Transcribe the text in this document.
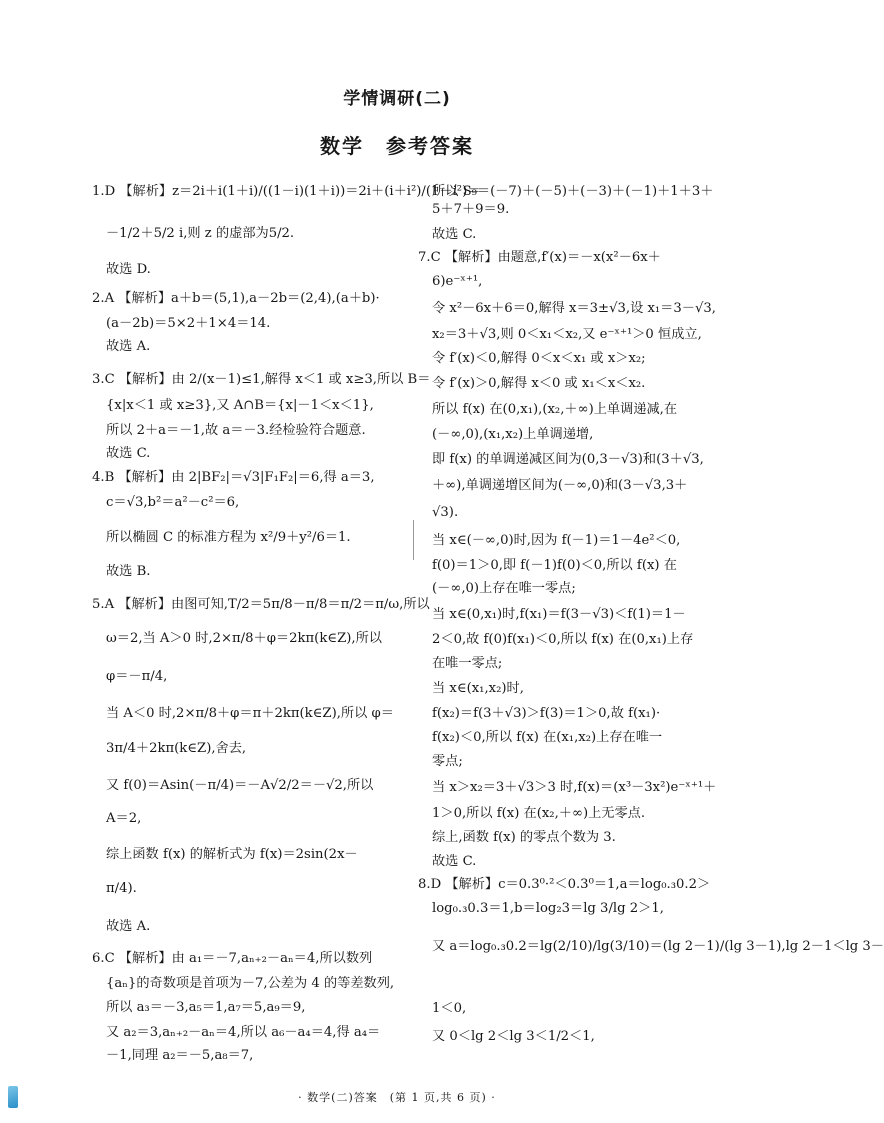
学情调研(二)
数学　参考答案
1.D 【解析】z＝2i＋i(1＋i)/((1－i)(1＋i))＝2i＋(i＋i²)/(1－i²)＝
－1/2＋5/2 i,则 z 的虚部为5/2.
故选 D.
2.A 【解析】a＋b＝(5,1),a－2b＝(2,4),(a＋b)·
(a－2b)＝5×2＋1×4＝14.
故选 A.
3.C 【解析】由 2/(x－1)≤1,解得 x＜1 或 x≥3,所以 B＝
{x|x＜1 或 x≥3},又 A∩B＝{x|－1＜x＜1},
所以 2＋a＝－1,故 a＝－3.经检验符合题意.
故选 C.
4.B 【解析】由 2|BF₂|＝√3|F₁F₂|＝6,得 a＝3,
c＝√3,b²＝a²－c²＝6,
所以椭圆 C 的标准方程为 x²/9＋y²/6＝1.
故选 B.
5.A 【解析】由图可知,T/2＝5π/8－π/8＝π/2＝π/ω,所以
ω＝2,当 A＞0 时,2×π/8＋φ＝2kπ(k∈Z),所以
φ＝－π/4,
当 A＜0 时,2×π/8＋φ＝π＋2kπ(k∈Z),所以 φ＝
3π/4＋2kπ(k∈Z),舍去,
又 f(0)＝Asin(－π/4)＝－A√2/2＝－√2,所以
A＝2,
综上函数 f(x) 的解析式为 f(x)＝2sin(2x－
π/4).
故选 A.
6.C 【解析】由 a₁＝－7,aₙ₊₂－aₙ＝4,所以数列
{aₙ}的奇数项是首项为－7,公差为 4 的等差数列,
所以 a₃＝－3,a₅＝1,a₇＝5,a₉＝9,
又 a₂＝3,aₙ₊₂－aₙ＝4,所以 a₆－a₄＝4,得 a₄＝
－1,同理 a₂＝－5,a₈＝7,
所以 S₉＝(－7)＋(－5)＋(－3)＋(－1)＋1＋3＋
5＋7＋9＝9.
故选 C.
7.C 【解析】由题意,f′(x)＝－x(x²－6x＋
6)e⁻ˣ⁺¹,
令 x²－6x＋6＝0,解得 x＝3±√3,设 x₁＝3－√3,
x₂＝3＋√3,则 0＜x₁＜x₂,又 e⁻ˣ⁺¹＞0 恒成立,
令 f′(x)＜0,解得 0＜x＜x₁ 或 x＞x₂;
令 f′(x)＞0,解得 x＜0 或 x₁＜x＜x₂.
所以 f(x) 在(0,x₁),(x₂,＋∞)上单调递减,在
(－∞,0),(x₁,x₂)上单调递增,
即 f(x) 的单调递减区间为(0,3－√3)和(3＋√3,
＋∞),单调递增区间为(－∞,0)和(3－√3,3＋
√3).
当 x∈(－∞,0)时,因为 f(－1)＝1－4e²＜0,
f(0)＝1＞0,即 f(－1)f(0)＜0,所以 f(x) 在
(－∞,0)上存在唯一零点;
当 x∈(0,x₁)时,f(x₁)＝f(3－√3)＜f(1)＝1－
2＜0,故 f(0)f(x₁)＜0,所以 f(x) 在(0,x₁)上存
在唯一零点;
当 x∈(x₁,x₂)时,
f(x₂)＝f(3＋√3)＞f(3)＝1＞0,故 f(x₁)·
f(x₂)＜0,所以 f(x) 在(x₁,x₂)上存在唯一
零点;
当 x＞x₂＝3＋√3＞3 时,f(x)＝(x³－3x²)e⁻ˣ⁺¹＋
1＞0,所以 f(x) 在(x₂,＋∞)上无零点.
综上,函数 f(x) 的零点个数为 3.
故选 C.
8.D 【解析】c＝0.3⁰·²＜0.3⁰＝1,a＝log₀.₃0.2＞
log₀.₃0.3＝1,b＝log₂3＝lg 3/lg 2＞1,
又 a＝log₀.₃0.2＝lg(2/10)/lg(3/10)＝(lg 2－1)/(lg 3－1),lg 2－1＜lg 3－
1＜0,
又 0＜lg 2＜lg 3＜1/2＜1,
· 数学(二)答案　(第 1 页,共 6 页) ·
